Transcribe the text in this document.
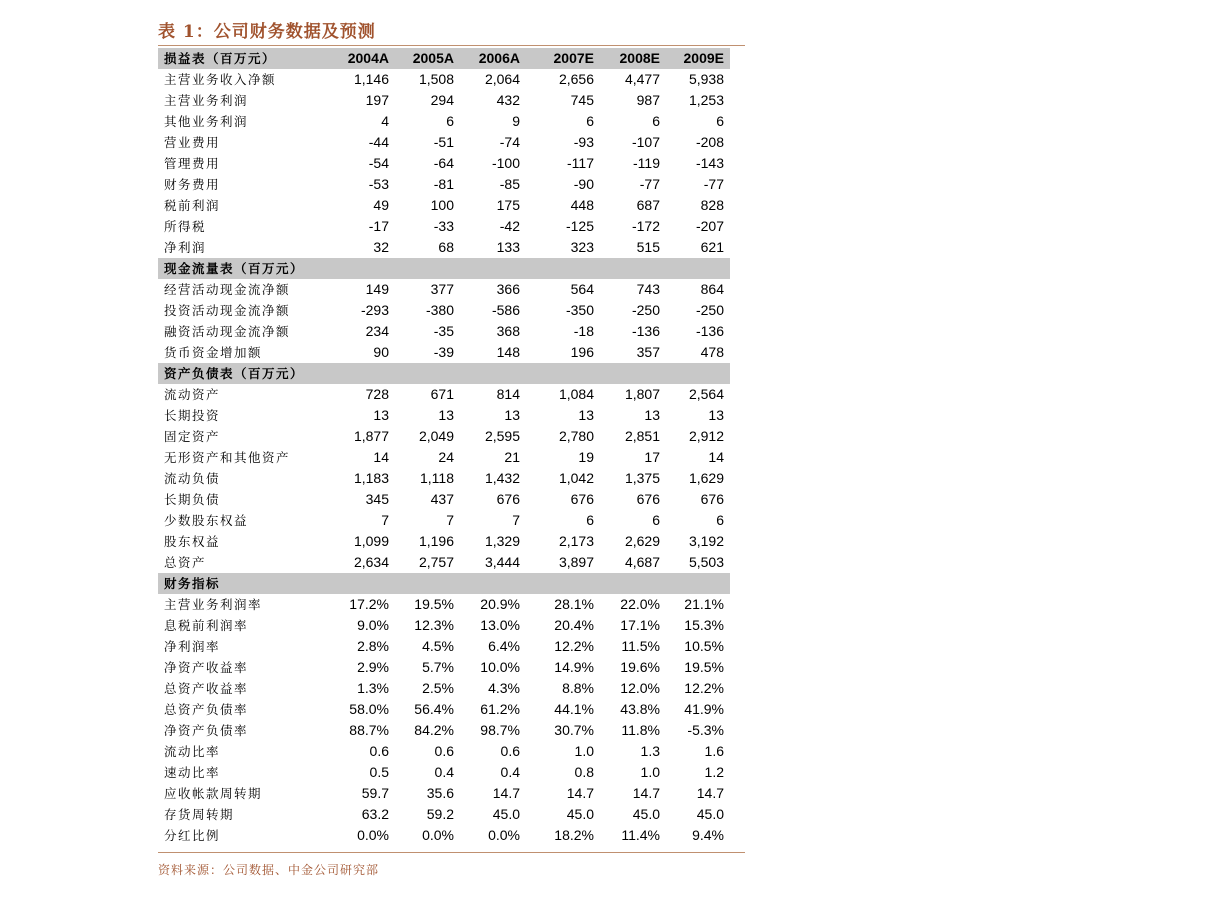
表 1：公司财务数据及预测
损益表（百万元）	2004A	2005A	2006A	2007E	2008E	2009E
主营业务收入净额	1,146	1,508	2,064	2,656	4,477	5,938
主营业务利润	197	294	432	745	987	1,253
其他业务利润	4	6	9	6	6	6
营业费用	-44	-51	-74	-93	-107	-208
管理费用	-54	-64	-100	-117	-119	-143
财务费用	-53	-81	-85	-90	-77	-77
税前利润	49	100	175	448	687	828
所得税	-17	-33	-42	-125	-172	-207
净利润	32	68	133	323	515	621
现金流量表（百万元）						
经营活动现金流净额	149	377	366	564	743	864
投资活动现金流净额	-293	-380	-586	-350	-250	-250
融资活动现金流净额	234	-35	368	-18	-136	-136
货币资金增加额	90	-39	148	196	357	478
资产负债表（百万元）						
流动资产	728	671	814	1,084	1,807	2,564
长期投资	13	13	13	13	13	13
固定资产	1,877	2,049	2,595	2,780	2,851	2,912
无形资产和其他资产	14	24	21	19	17	14
流动负债	1,183	1,118	1,432	1,042	1,375	1,629
长期负债	345	437	676	676	676	676
少数股东权益	7	7	7	6	6	6
股东权益	1,099	1,196	1,329	2,173	2,629	3,192
总资产	2,634	2,757	3,444	3,897	4,687	5,503
财务指标						
主营业务利润率	17.2%	19.5%	20.9%	28.1%	22.0%	21.1%
息税前利润率	9.0%	12.3%	13.0%	20.4%	17.1%	15.3%
净利润率	2.8%	4.5%	6.4%	12.2%	11.5%	10.5%
净资产收益率	2.9%	5.7%	10.0%	14.9%	19.6%	19.5%
总资产收益率	1.3%	2.5%	4.3%	8.8%	12.0%	12.2%
总资产负债率	58.0%	56.4%	61.2%	44.1%	43.8%	41.9%
净资产负债率	88.7%	84.2%	98.7%	30.7%	11.8%	-5.3%
流动比率	0.6	0.6	0.6	1.0	1.3	1.6
速动比率	0.5	0.4	0.4	0.8	1.0	1.2
应收帐款周转期	59.7	35.6	14.7	14.7	14.7	14.7
存货周转期	63.2	59.2	45.0	45.0	45.0	45.0
分红比例	0.0%	0.0%	0.0%	18.2%	11.4%	9.4%
资料来源：公司数据、中金公司研究部
